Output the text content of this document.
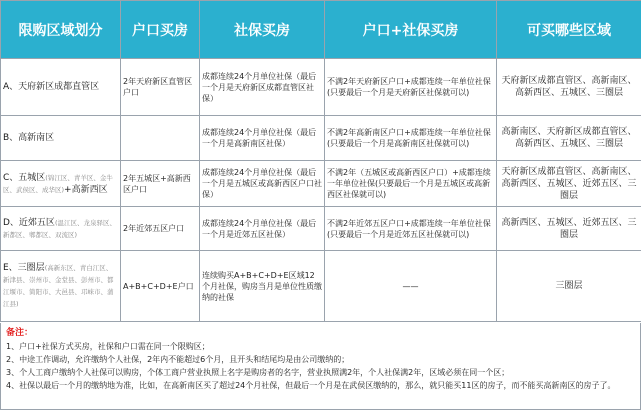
限购区域划分	户口买房	社保买房	户口+社保买房	可买哪些区域
A、天府新区成都直管区	2年天府新区直管区户口	成都连续24个月单位社保（最后一个月是天府新区成都直管区社保）	不满2年天府新区户口+成都连续一年单位社保(只要最后一个月是天府新区社保就可以)	天府新区成都直管区、高新南区、高新西区、五城区、三圈层
B、高新南区		成都连续24个月单位社保（最后一个月是高新南区社保）	不满2年高新南区户口+成都连续一年单位社保(只要最后一个月是高新南区社保就可以)	高新南区、天府新区成都直管区、高新西区、五城区、三圈层
C、五城区(锦江区、青羊区、金牛区、武侯区、成华区)+高新西区	2年五城区+高新西区户口	成都连续24个月单位社保（最后一个月是五城区或高新西区户口社保）	不满2年（五城区或高新西区户口）+成都连续一年单位社保(只要最后一个月是五城区或高新西区社保就可以)	天府新区成都直管区、高新南区、高新西区、五城区、近郊五区、三圈层
D、近郊五区(温江区、龙泉驿区、新都区、郫都区、双流区)	2年近郊五区户口	成都连续24个月单位社保（最后一个月是近郊五区社保）	不满2年近郊五区户口+成都连续一年单位社保(只要最后一个月是近郊五区社保就可以)	高新西区、五城区、近郊五区、三圈层
E、三圈层(高新东区、青白江区、新津县、崇州市、金堂县、彭州市、都江堰市、简阳市、大邑县、邛崃市、蒲江县)	A+B+C+D+E户口	连续购买A+B+C+D+E区域12个月社保，购房当月是单位性质缴纳的社保	——	三圈层
备注：
1、户口+社保方式买房，社保和户口需在同一个限购区；
2、中途工作调动，允许缴纳个人社保，2年内不能超过6个月，且开头和结尾均是由公司缴纳的；
3、个人工商户缴纳个人社保可以购房，个体工商户营业执照上名字是购房者的名字，营业执照满2年，个人社保满2年，区域必须在同一个区；
4、社保以最后一个月的缴纳地为准，比如，在高新南区买了超过24个月社保，但最后一个月是在武侯区缴纳的，那么，就只能买11区的房子，而不能买高新南区的房子了。
